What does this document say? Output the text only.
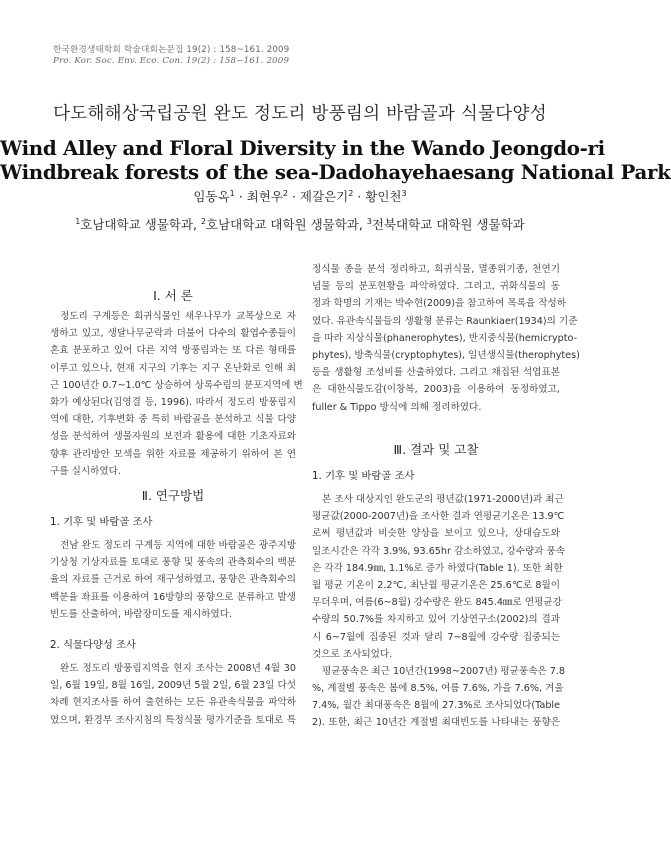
한국환경생태학회 학술대회논문집 19(2) : 158~161. 2009
Pro. Kor. Soc. Env. Eco. Con. 19(2) : 158~161. 2009
다도해해상국립공원 완도 정도리 방풍림의 바람골과 식물다양성
Wind Alley and Floral Diversity in the Wando Jeongdo-ri
Windbreak forests of the sea-Dadohayehaesang National Park
임동옥$^1$ · 최현우$^2$ · 제갈은기$^2$ · 황인천$^3$
$^1$호남대학교 생물학과, $^2$호남대학교 대학원 생물학과, $^3$전북대학교 대학원 생물학과
Ⅰ. 서 론
정도리 구계등은 희귀식물인 새우나무가 교목상으로 자
생하고 있고, 생달나무군락과 더불어 다수의 활엽수종들이
혼효 분포하고 있어 다른 지역 방풍림과는 또 다른 형태를
이루고 있으나, 현재 지구의 기후는 지구 온난화로 인해 최
근 100년간 0.7~1.0℃ 상승하여 상록수림의 분포지역에 변
화가 예상된다(김영결 등, 1996). 따라서 정도리 방풍림지
역에 대한, 기후변화 중 특히 바람골을 분석하고 식물 다양
성을 분석하여 생물자원의 보전과 활용에 대한 기초자료와
향후 관리방안 모색을 위한 자료를 제공하기 위하여 본 연
구를 실시하였다.
Ⅱ. 연구방법
1. 기후 및 바람골 조사
전남 완도 정도리 구계등 지역에 대한 바람골은 광주지방
기상청 기상자료를 토대로 풍향 및 풍속의 관측회수의 백분
율의 자료를 근거로 하여 재구성하였고, 풍향은 관측회수의
백분율 좌표를 이용하여 16방향의 풍향으로 분류하고 발생
빈도를 산출하여, 바람장미도를 제시하였다.
2. 식물다양성 조사
완도 정도리 방풍림지역을 현지 조사는 2008년 4월 30
일, 6월 19일, 8월 16일, 2009년 5월 2일, 6월 23일 다섯
차례 현지조사를 하여 출현하는 모든 유관속식물을 파악하
였으며, 환경부 조사지침의 특정식물 평가기준을 토대로 특
정식물 종을 분석 정리하고, 희귀식물, 멸종위기종, 천연기
념물 등의 분포현황을 파악하였다. 그리고, 귀화식물의 동
정과 학명의 기재는 박수현(2009)을 참고하여 목록을 작성하
였다. 유관속식물들의 생활형 분류는 Raunkiaer(1934)의 기준
을 따라 지상식물(phanerophytes), 반지중식물(hemicrypto-
phytes), 방축식물(cryptophytes), 일년생식물(therophytes)
등을 생활형 조성비를 산출하였다. 그리고 채집된 석엽표본
은 대한식물도감(이창복, 2003)을 이용하여 동정하였고,
fuller & Tippo 방식에 의해 정리하였다.
Ⅲ. 결과 및 고찰
1. 기후 및 바람골 조사
본 조사 대상지인 완도군의 평년값(1971-2000년)과 최근
평균값(2000-2007년)을 조사한 결과 연평균기온은 13.9℃
로써 평년값과 비슷한 양상을 보이고 있으나, 상대습도와
일조시간은 각각 3.9%, 93.65hr 감소하였고, 강수량과 풍속
은 각각 184.9㎜, 1.1%로 증가 하였다(Table 1). 또한 최한
월 평균 기온이 2.2℃, 최난월 평균기온은 25.6℃로 8월이
무더우며, 여름(6~8월) 강수량은 완도 845.4㎜로 연평균강
수량의 50.7%를 차지하고 있어 기상연구소(2002)의 결과
시 6~7월에 집중된 것과 달리 7~8월에 강수량 집중되는
것으로 조사되었다.
평균풍속은 최근 10년간(1998~2007년) 평균풍속은 7.8
%, 계절별 풍속은 봄에 8.5%, 여름 7.6%, 가을 7.6%, 겨울
7.4%, 월간 최대풍속은 8월에 27.3%로 조사되었다(Table
2). 또한, 최근 10년간 계절별 최대빈도를 나타내는 풍향은
